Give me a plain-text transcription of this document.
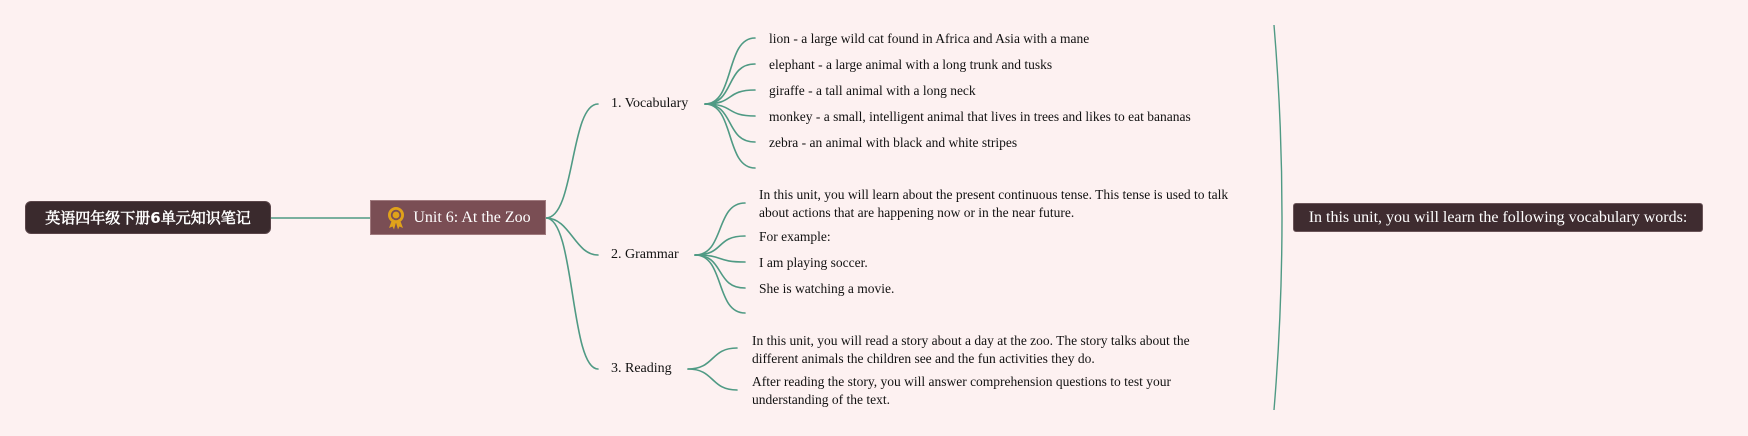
英语四年级下册6单元知识笔记	Unit 6: At the Zoo
1. Vocabulary
lion - a large wild cat found in Africa and Asia with a mane
elephant - a large animal with a long trunk and tusks
giraffe - a tall animal with a long neck
monkey - a small, intelligent animal that lives in trees and likes to eat bananas
zebra - an animal with black and white stripes
2. Grammar
In this unit, you will learn about the present continuous tense. This tense is used to talk about actions that are happening now or in the near future.
For example:
I am playing soccer.
She is watching a movie.
3. Reading
In this unit, you will read a story about a day at the zoo. The story talks about the different animals the children see and the fun activities they do.
After reading the story, you will answer comprehension questions to test your understanding of the text.
In this unit, you will learn the following vocabulary words:
